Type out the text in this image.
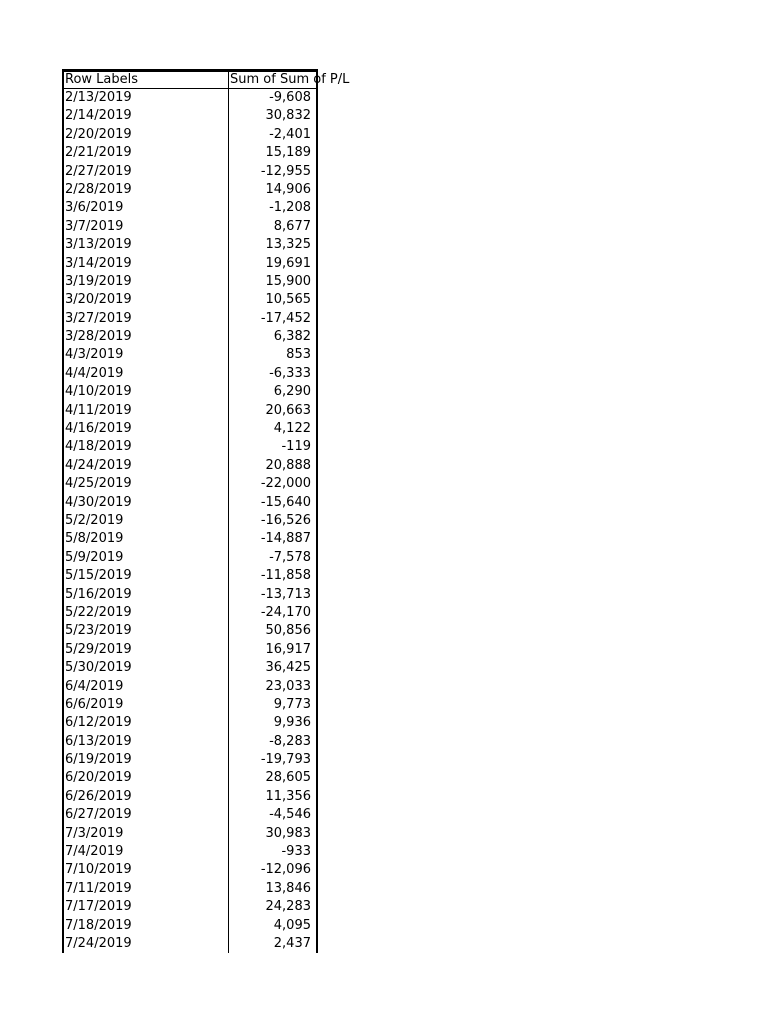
Row Labels	Sum of Sum of P/L
2/13/2019	-9,608
2/14/2019	30,832
2/20/2019	-2,401
2/21/2019	15,189
2/27/2019	-12,955
2/28/2019	14,906
3/6/2019	-1,208
3/7/2019	8,677
3/13/2019	13,325
3/14/2019	19,691
3/19/2019	15,900
3/20/2019	10,565
3/27/2019	-17,452
3/28/2019	6,382
4/3/2019	853
4/4/2019	-6,333
4/10/2019	6,290
4/11/2019	20,663
4/16/2019	4,122
4/18/2019	-119
4/24/2019	20,888
4/25/2019	-22,000
4/30/2019	-15,640
5/2/2019	-16,526
5/8/2019	-14,887
5/9/2019	-7,578
5/15/2019	-11,858
5/16/2019	-13,713
5/22/2019	-24,170
5/23/2019	50,856
5/29/2019	16,917
5/30/2019	36,425
6/4/2019	23,033
6/6/2019	9,773
6/12/2019	9,936
6/13/2019	-8,283
6/19/2019	-19,793
6/20/2019	28,605
6/26/2019	11,356
6/27/2019	-4,546
7/3/2019	30,983
7/4/2019	-933
7/10/2019	-12,096
7/11/2019	13,846
7/17/2019	24,283
7/18/2019	4,095
7/24/2019	2,437
